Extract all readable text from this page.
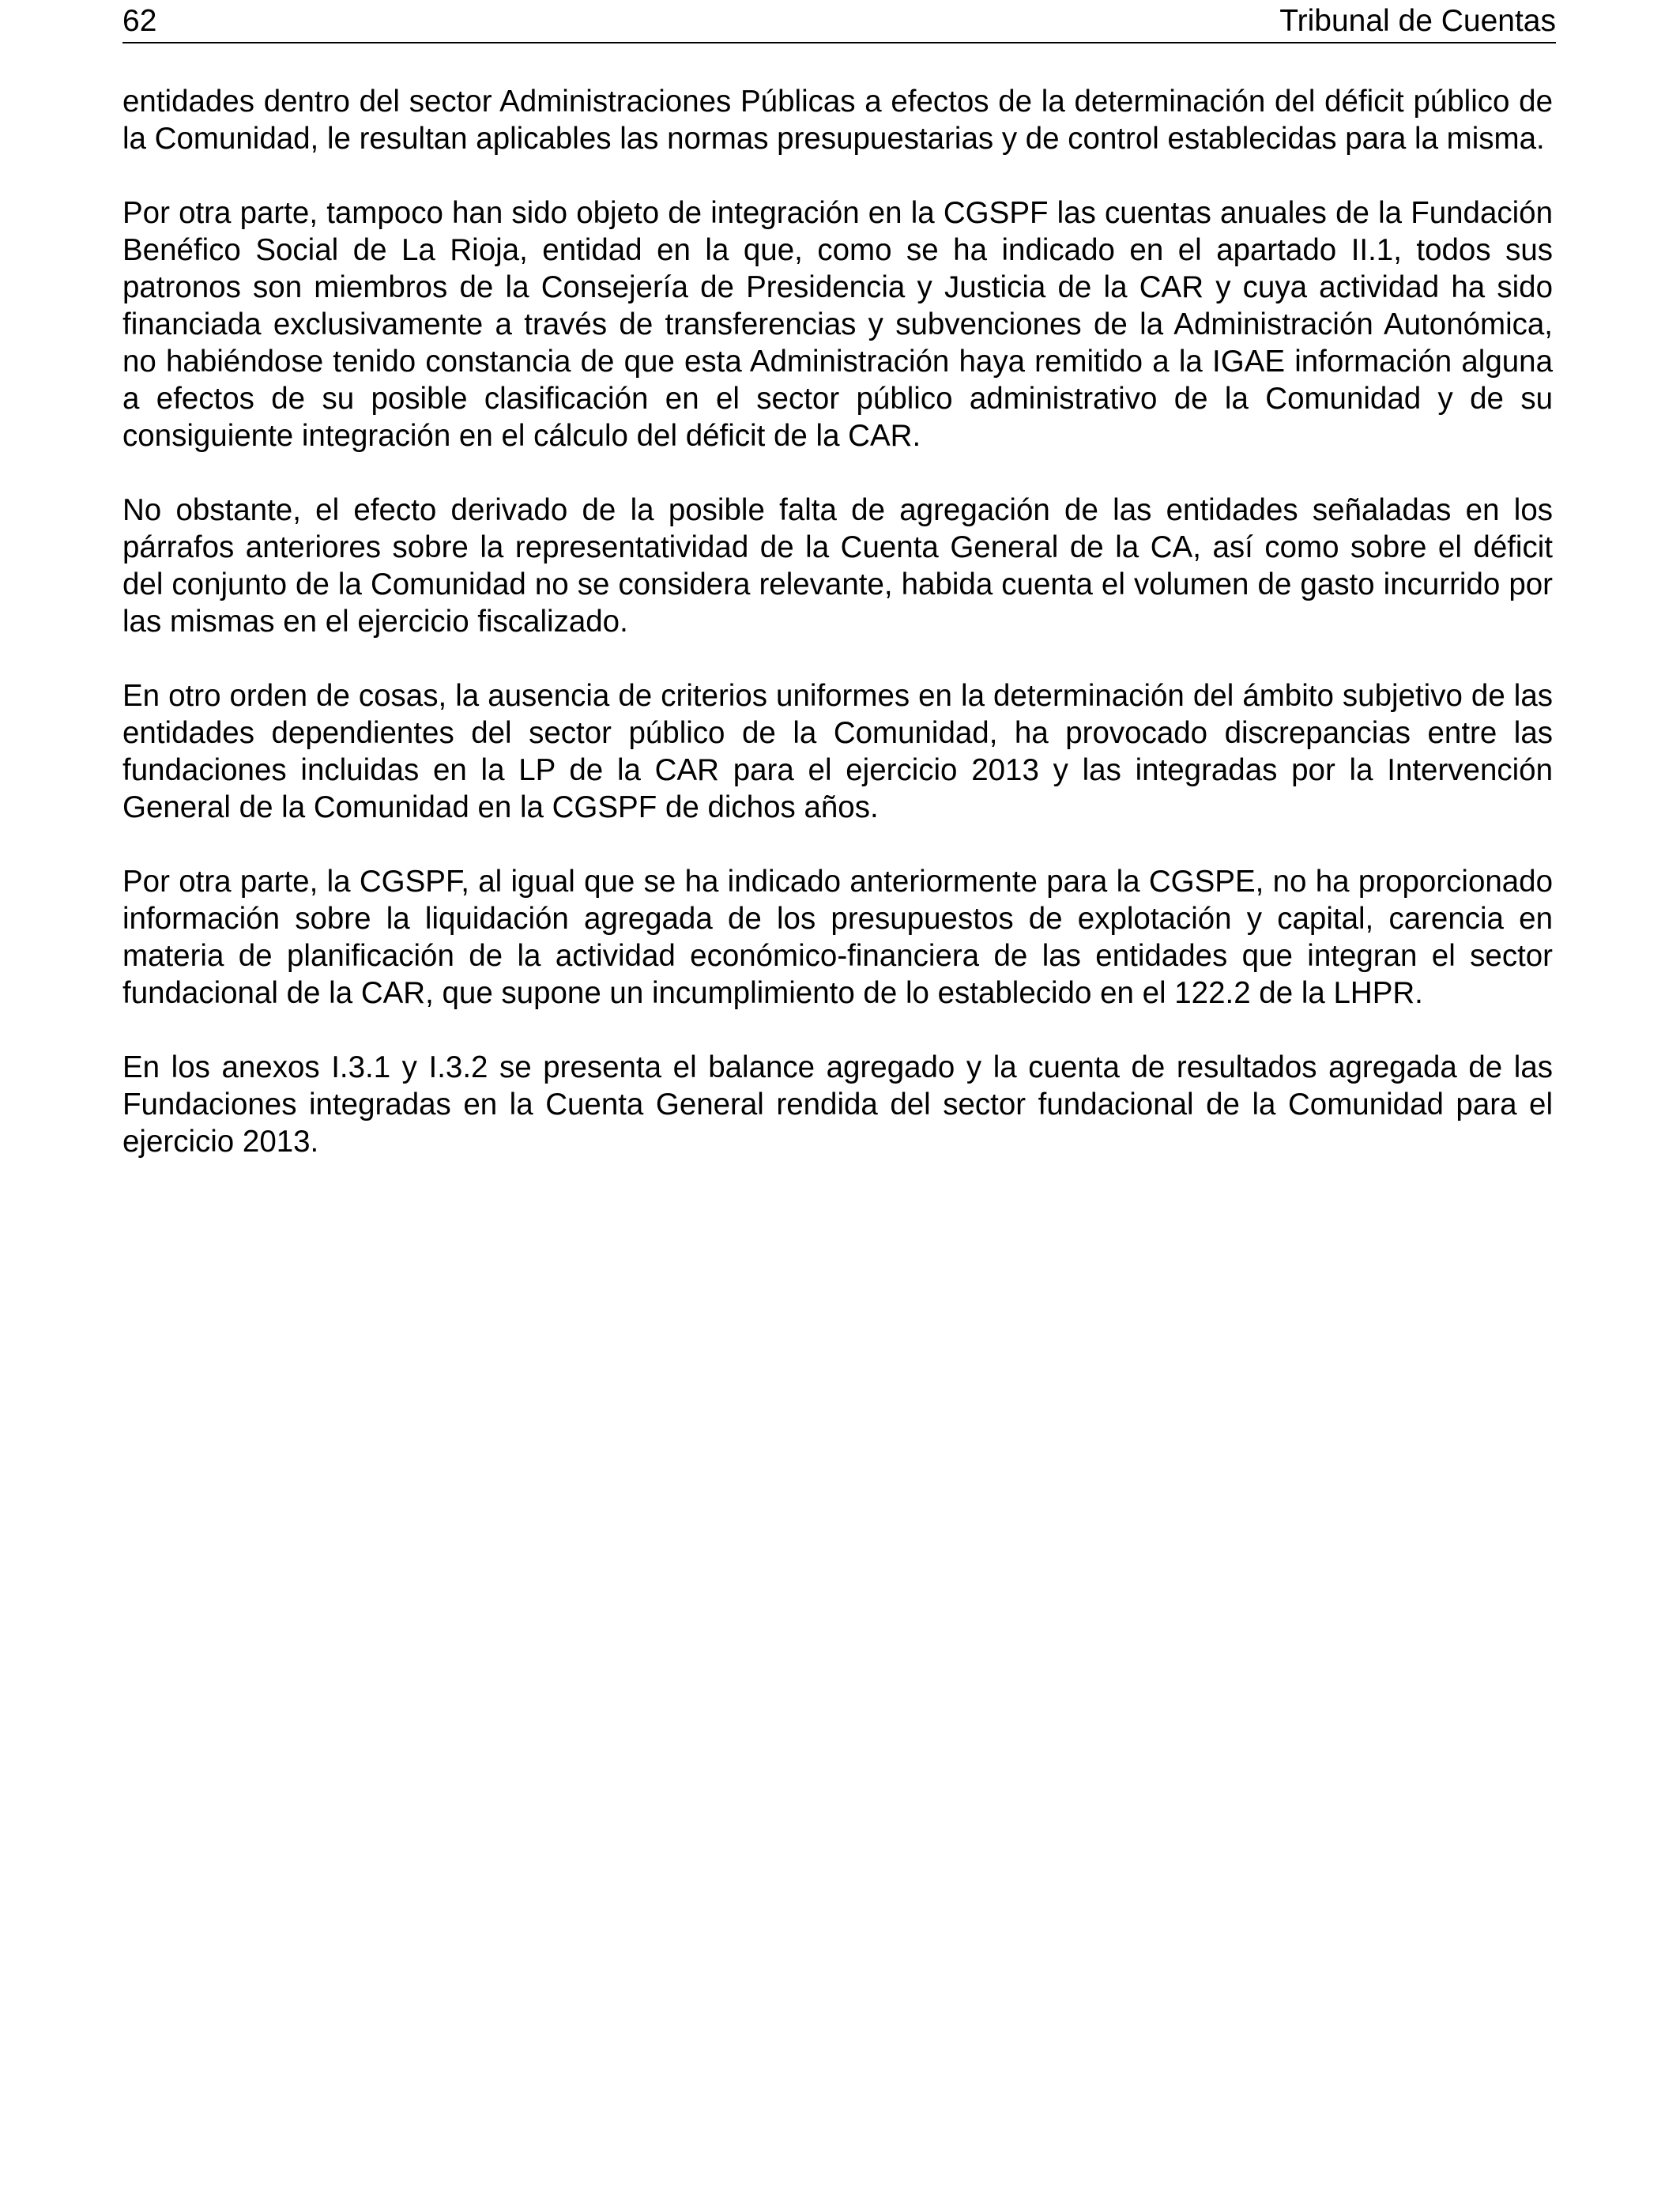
62	Tribunal de Cuentas

entidades dentro del sector Administraciones Públicas a efectos de la determinación del déficit público de la Comunidad, le resultan aplicables las normas presupuestarias y de control establecidas para la misma.

Por otra parte, tampoco han sido objeto de integración en la CGSPF las cuentas anuales de la Fundación Benéfico Social de La Rioja, entidad en la que, como se ha indicado en el apartado II.1, todos sus patronos son miembros de la Consejería de Presidencia y Justicia de la CAR y cuya actividad ha sido financiada exclusivamente a través de transferencias y subvenciones de la Administración Autonómica, no habiéndose tenido constancia de que esta Administración haya remitido a la IGAE información alguna a efectos de su posible clasificación en el sector público administrativo de la Comunidad y de su consiguiente integración en el cálculo del déficit de la CAR.

No obstante, el efecto derivado de la posible falta de agregación de las entidades señaladas en los párrafos anteriores sobre la representatividad de la Cuenta General de la CA, así como sobre el déficit del conjunto de la Comunidad no se considera relevante, habida cuenta el volumen de gasto incurrido por las mismas en el ejercicio fiscalizado.

En otro orden de cosas, la ausencia de criterios uniformes en la determinación del ámbito subjetivo de las entidades dependientes del sector público de la Comunidad, ha provocado discrepancias entre las fundaciones incluidas en la LP de la CAR para el ejercicio 2013 y las integradas por la Intervención General de la Comunidad en la CGSPF de dichos años.

Por otra parte, la CGSPF, al igual que se ha indicado anteriormente para la CGSPE, no ha proporcionado información sobre la liquidación agregada de los presupuestos de explotación y capital, carencia en materia de planificación de la actividad económico-financiera de las entidades que integran el sector fundacional de la CAR, que supone un incumplimiento de lo establecido en el 122.2 de la LHPR.

En los anexos I.3.1 y I.3.2 se presenta el balance agregado y la cuenta de resultados agregada de las Fundaciones integradas en la Cuenta General rendida del sector fundacional de la Comunidad para el ejercicio 2013.
